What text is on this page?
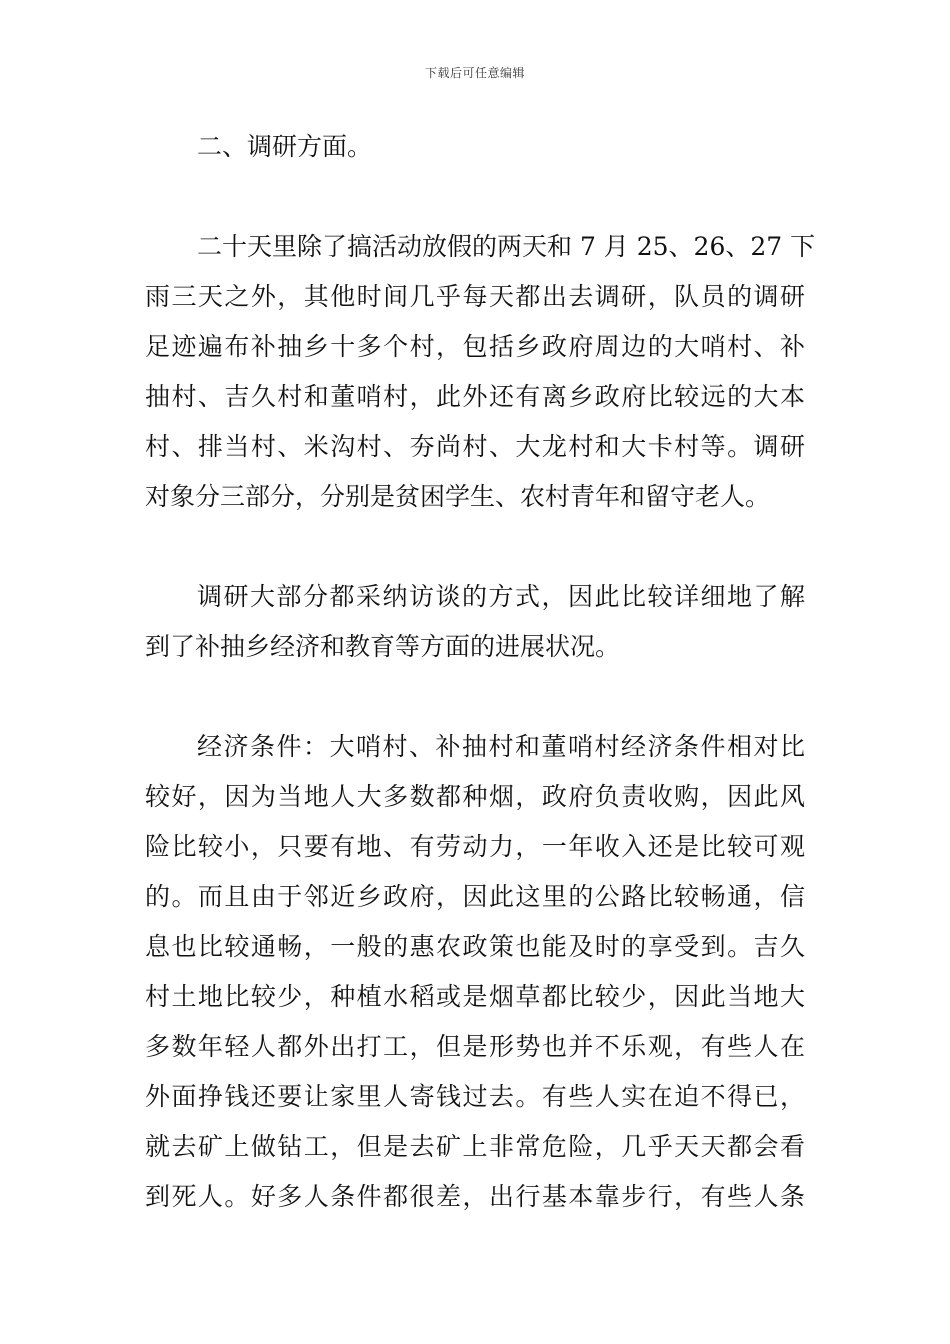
下载后可任意编辑
二、调研方面。
二十天里除了搞活动放假的两天和 7 月 25、26、27 下
雨三天之外，其他时间几乎每天都出去调研，队员的调研
足迹遍布补抽乡十多个村，包括乡政府周边的大哨村、补
抽村、吉久村和董哨村，此外还有离乡政府比较远的大本
村、排当村、米沟村、夯尚村、大龙村和大卡村等。调研
对象分三部分，分别是贫困学生、农村青年和留守老人。
调研大部分都采纳访谈的方式，因此比较详细地了解
到了补抽乡经济和教育等方面的进展状况。
经济条件：大哨村、补抽村和董哨村经济条件相对比
较好，因为当地人大多数都种烟，政府负责收购，因此风
险比较小，只要有地、有劳动力，一年收入还是比较可观
的。而且由于邻近乡政府，因此这里的公路比较畅通，信
息也比较通畅，一般的惠农政策也能及时的享受到。吉久
村土地比较少，种植水稻或是烟草都比较少，因此当地大
多数年轻人都外出打工，但是形势也并不乐观，有些人在
外面挣钱还要让家里人寄钱过去。有些人实在迫不得已，
就去矿上做钻工，但是去矿上非常危险，几乎天天都会看
到死人。好多人条件都很差，出行基本靠步行，有些人条
